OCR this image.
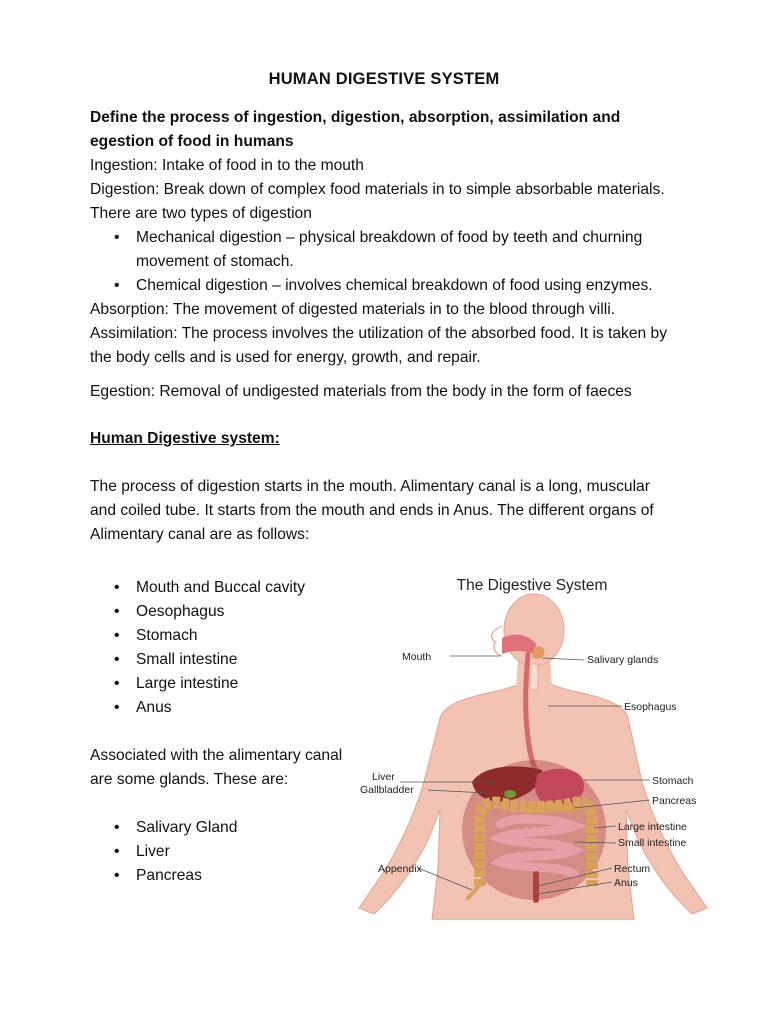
HUMAN DIGESTIVE SYSTEM

Define the process of ingestion, digestion, absorption, assimilation and egestion of food in humans

Ingestion: Intake of food in to the mouth

Digestion: Break down of complex food materials in to simple absorbable materials. There are two types of digestion

• Mechanical digestion – physical breakdown of food by teeth and churning movement of stomach.
• Chemical digestion – involves chemical breakdown of food using enzymes.

Absorption: The movement of digested materials in to the blood through villi.

Assimilation: The process involves the utilization of the absorbed food. It is taken by the body cells and is used for energy, growth, and repair.

Egestion: Removal of undigested materials from the body in the form of faeces

Human Digestive system:

The process of digestion starts in the mouth. Alimentary canal is a long, muscular and coiled tube. It starts from the mouth and ends in Anus. The different organs of Alimentary canal are as follows:

• Mouth and Buccal cavity
• Oesophagus
• Stomach
• Small intestine
• Large intestine
• Anus

Associated with the alimentary canal are some glands. These are:

• Salivary Gland
• Liver
• Pancreas
The Digestive System
Mouth	Salivary glands
Esophagus
Liver
Gallbladder
Stomach
Pancreas
Large intestine
Small intestine
Appendix	Rectum
Anus
